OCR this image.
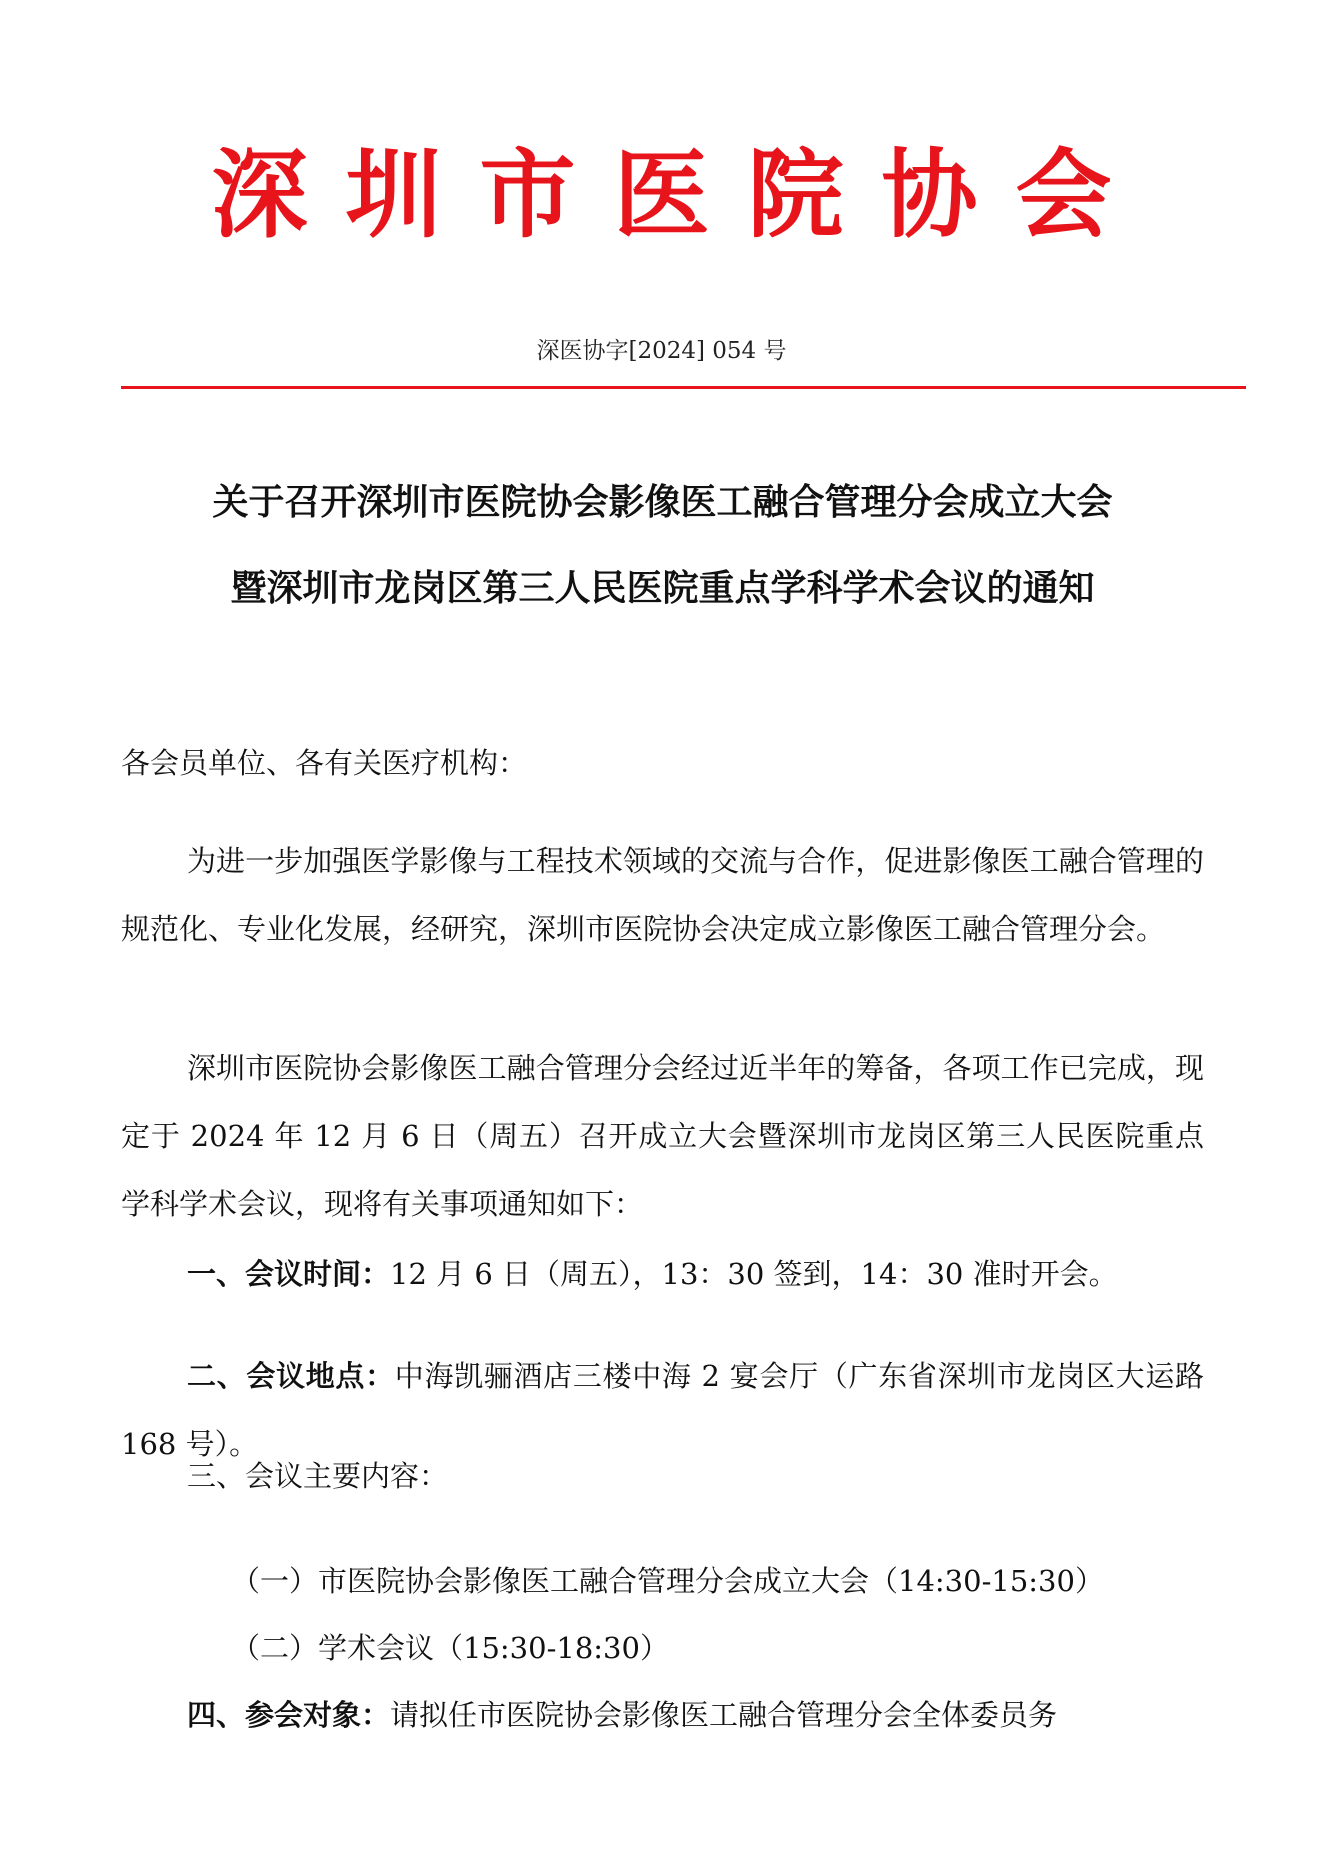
深圳市医院协会
深医协字[2024] 054 号
关于召开深圳市医院协会影像医工融合管理分会成立大会
暨深圳市龙岗区第三人民医院重点学科学术会议的通知
各会员单位、各有关医疗机构：
为进一步加强医学影像与工程技术领域的交流与合作，促进影像医工融合管理的规范化、专业化发展，经研究，深圳市医院协会决定成立影像医工融合管理分会。
深圳市医院协会影像医工融合管理分会经过近半年的筹备，各项工作已完成，现定于 2024 年 12 月 6 日（周五）召开成立大会暨深圳市龙岗区第三人民医院重点学科学术会议，现将有关事项通知如下：
一、会议时间：12 月 6 日（周五），13：30 签到，14：30 准时开会。
二、会议地点：中海凯骊酒店三楼中海 2 宴会厅（广东省深圳市龙岗区大运路 168 号）。
三、会议主要内容：
（一）市医院协会影像医工融合管理分会成立大会（14:30-15:30）
（二）学术会议（15:30-18:30）
四、参会对象：请拟任市医院协会影像医工融合管理分会全体委员务
